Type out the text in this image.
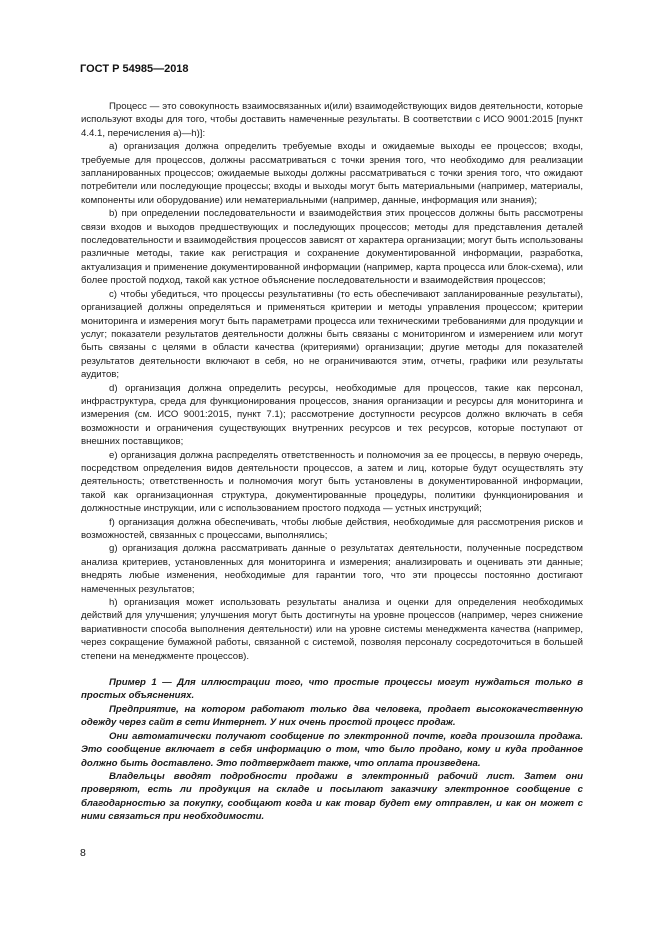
ГОСТ Р 54985—2018

Процесс — это совокупность взаимосвязанных и(или) взаимодействующих видов деятельности, которые используют входы для того, чтобы доставить намеченные результаты. В соответствии с ИСО 9001:2015 [пункт 4.4.1, перечисления а)—h)]:

а) организация должна определить требуемые входы и ожидаемые выходы ее процессов; входы, требуемые для процессов, должны рассматриваться с точки зрения того, что необходимо для реализации запланированных процессов; ожидаемые выходы должны рассматриваться с точки зрения того, что ожидают потребители или последующие процессы; входы и выходы могут быть материальными (например, материалы, компоненты или оборудование) или нематериальными (например, данные, информация или знания);

b) при определении последовательности и взаимодействия этих процессов должны быть рассмотрены связи входов и выходов предшествующих и последующих процессов; методы для представления деталей последовательности и взаимодействия процессов зависят от характера организации; могут быть использованы различные методы, такие как регистрация и сохранение документированной информации, разработка, актуализация и применение документированной информации (например, карта процесса или блок-схема), или более простой подход, такой как устное объяснение последовательности и взаимодействия процессов;

с) чтобы убедиться, что процессы результативны (то есть обеспечивают запланированные результаты), организацией должны определяться и применяться критерии и методы управления процессом; критерии мониторинга и измерения могут быть параметрами процесса или техническими требованиями для продукции и услуг; показатели результатов деятельности должны быть связаны с мониторингом и измерением или могут быть связаны с целями в области качества (критериями) организации; другие методы для показателей результатов деятельности включают в себя, но не ограничиваются этим, отчеты, графики или результаты аудитов;

d) организация должна определить ресурсы, необходимые для процессов, такие как персонал, инфраструктура, среда для функционирования процессов, знания организации и ресурсы для мониторинга и измерения (см. ИСО 9001:2015, пункт 7.1); рассмотрение доступности ресурсов должно включать в себя возможности и ограничения существующих внутренних ресурсов и тех ресурсов, которые поступают от внешних поставщиков;

е) организация должна распределять ответственность и полномочия за ее процессы, в первую очередь, посредством определения видов деятельности процессов, а затем и лиц, которые будут осуществлять эту деятельность; ответственность и полномочия могут быть установлены в документированной информации, такой как организационная структура, документированные процедуры, политики функционирования и должностные инструкции, или с использованием простого подхода — устных инструкций;

f) организация должна обеспечивать, чтобы любые действия, необходимые для рассмотрения рисков и возможностей, связанных с процессами, выполнялись;

g) организация должна рассматривать данные о результатах деятельности, полученные посредством анализа критериев, установленных для мониторинга и измерения; анализировать и оценивать эти данные; внедрять любые изменения, необходимые для гарантии того, что эти процессы постоянно достигают намеченных результатов;

h) организация может использовать результаты анализа и оценки для определения необходимых действий для улучшения; улучшения могут быть достигнуты на уровне процессов (например, через снижение вариативности способа выполнения деятельности) или на уровне системы менеджмента качества (например, через сокращение бумажной работы, связанной с системой, позволяя персоналу сосредоточиться в большей степени на менеджменте процессов).

Пример 1 — Для иллюстрации того, что простые процессы могут нуждаться только в простых объяснениях.

Предприятие, на котором работают только два человека, продает высококачественную одежду через сайт в сети Интернет. У них очень простой процесс продаж.

Они автоматически получают сообщение по электронной почте, когда произошла продажа. Это сообщение включает в себя информацию о том, что было продано, кому и куда проданное должно быть доставлено. Это подтверждает также, что оплата произведена.

Владельцы вводят подробности продажи в электронный рабочий лист. Затем они проверяют, есть ли продукция на складе и посылают заказчику электронное сообщение с благодарностью за покупку, сообщают когда и как товар будет ему отправлен, и как он может с ними связаться при необходимости.

8
